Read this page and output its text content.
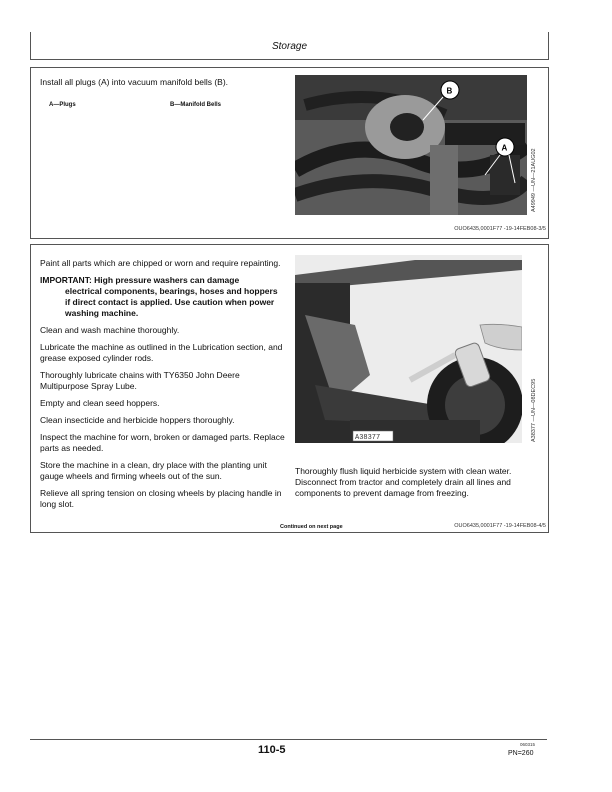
Storage
Install all plugs (A) into vacuum manifold bells (B).
A—Plugs	B—Manifold Bells
B
A
A49949 —UN—21AUG02
OUO6435,0001F77 -19-14FEB08-3/5

Paint all parts which are chipped or worn and require repainting.

IMPORTANT: High pressure washers can damage
electrical components, bearings, hoses and hoppers if direct contact is applied. Use caution when power washing machine.

Clean and wash machine thoroughly.

Lubricate the machine as outlined in the Lubrication section, and grease exposed cylinder rods.

Thoroughly lubricate chains with TY6350 John Deere Multipurpose Spray Lube.

Empty and clean seed hoppers.

Clean insecticide and herbicide hoppers thoroughly.

Inspect the machine for worn, broken or damaged parts. Replace parts as needed.

Store the machine in a clean, dry place with the planting unit gauge wheels and firming wheels out of the sun.

Relieve all spring tension on closing wheels by placing handle in long slot.

A38377	A38377 —UN—08DEC95
Thoroughly flush liquid herbicide system with clean water. Disconnect from tractor and completely drain all lines and components to prevent damage from freezing.
Continued on next page	OUO6435,0001F77 -19-14FEB08-4/5
110-5	060315
PN=260
